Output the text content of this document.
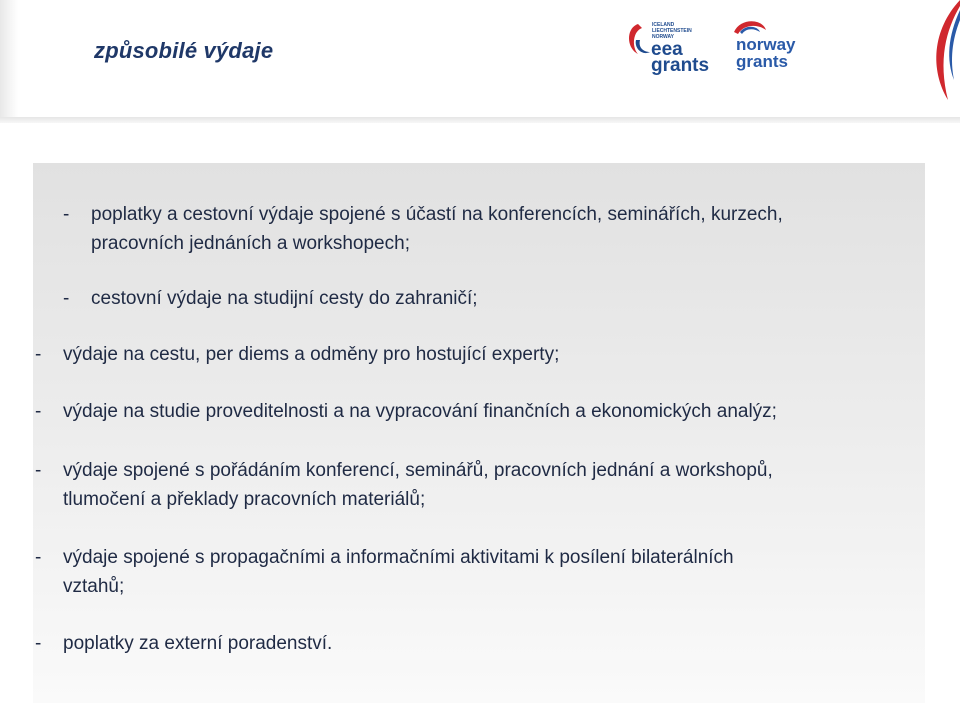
způsobilé výdaje
ICELAND
LIECHTENSTEIN
NORWAY
eea
grants
norway
grants
-	poplatky a cestovní výdaje spojené s účastí na konferencích, seminářích, kurzech,
pracovních jednáních a workshopech;
-	cestovní výdaje na studijní cesty do zahraničí;
-	výdaje na cestu, per diems a odměny pro hostující experty;
-	výdaje na studie proveditelnosti a na vypracování finančních a ekonomických analýz;
-	výdaje spojené s pořádáním konferencí, seminářů, pracovních jednání a workshopů,
tlumočení a překlady pracovních materiálů;
-	výdaje spojené s propagačními a informačními aktivitami k posílení bilaterálních
vztahů;
-	poplatky za externí poradenství.
